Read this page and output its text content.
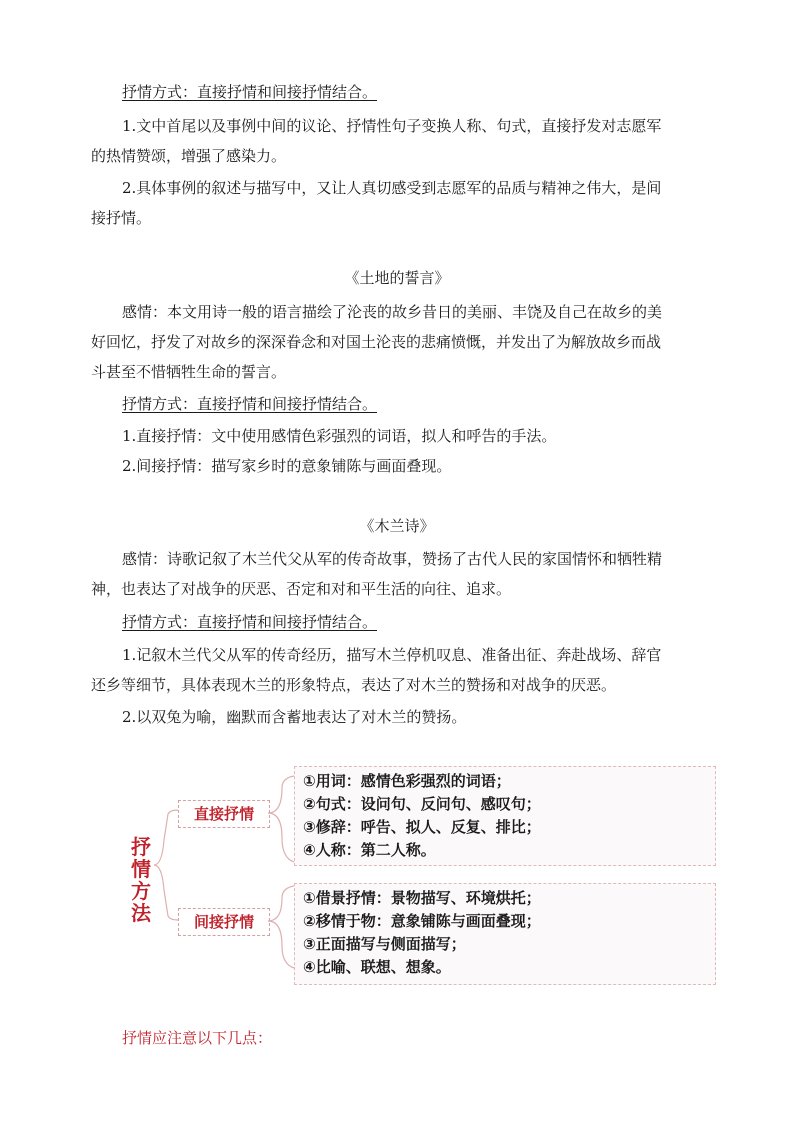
抒情方式：直接抒情和间接抒情结合。
1.文中首尾以及事例中间的议论、抒情性句子变换人称、句式，直接抒发对志愿军
的热情赞颂，增强了感染力。
2.具体事例的叙述与描写中，又让人真切感受到志愿军的品质与精神之伟大，是间
接抒情。
《土地的誓言》
感情：本文用诗一般的语言描绘了沦丧的故乡昔日的美丽、丰饶及自己在故乡的美
好回忆，抒发了对故乡的深深眷念和对国土沦丧的悲痛愤慨，并发出了为解放故乡而战
斗甚至不惜牺牲生命的誓言。
抒情方式：直接抒情和间接抒情结合。
1.直接抒情：文中使用感情色彩强烈的词语，拟人和呼告的手法。
2.间接抒情：描写家乡时的意象铺陈与画面叠现。
《木兰诗》
感情：诗歌记叙了木兰代父从军的传奇故事，赞扬了古代人民的家国情怀和牺牲精
神，也表达了对战争的厌恶、否定和对和平生活的向往、追求。
抒情方式：直接抒情和间接抒情结合。
1.记叙木兰代父从军的传奇经历，描写木兰停机叹息、准备出征、奔赴战场、辞官
还乡等细节，具体表现木兰的形象特点，表达了对木兰的赞扬和对战争的厌恶。
2.以双兔为喻，幽默而含蓄地表达了对木兰的赞扬。
抒
情
方
法
直接抒情
间接抒情
①用词：感情色彩强烈的词语；
②句式：设问句、反问句、感叹句；
③修辞：呼告、拟人、反复、排比；
④人称：第二人称。
①借景抒情：景物描写、环境烘托；
②移情于物：意象铺陈与画面叠现；
③正面描写与侧面描写；
④比喻、联想、想象。
抒情应注意以下几点：
